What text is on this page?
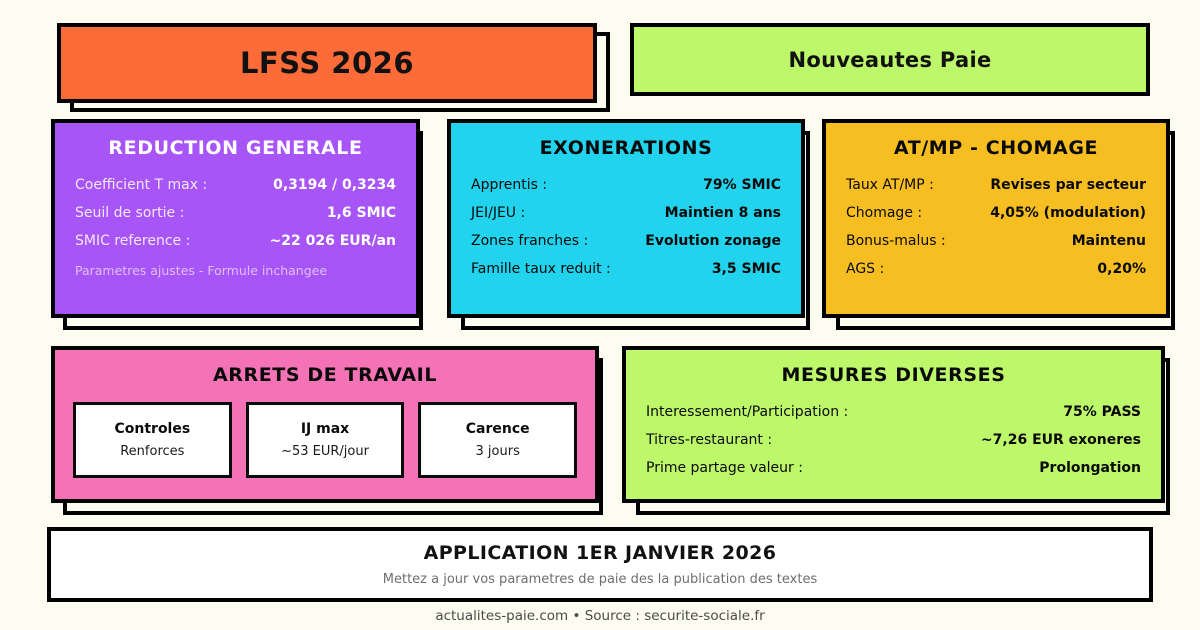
LFSS 2026	Nouveautes Paie
REDUCTION GENERALE
Coefficient T max :	0,3194 / 0,3234
Seuil de sortie :	1,6 SMIC
SMIC reference :	~22 026 EUR/an
Parametres ajustes - Formule inchangee
EXONERATIONS
Apprentis :	79% SMIC
JEI/JEU :	Maintien 8 ans
Zones franches :	Evolution zonage
Famille taux reduit :	3,5 SMIC
AT/MP - CHOMAGE
Taux AT/MP :	Revises par secteur
Chomage :	4,05% (modulation)
Bonus-malus :	Maintenu
AGS :	0,20%
ARRETS DE TRAVAIL
Controles
Renforces
IJ max
~53 EUR/jour
Carence
3 jours
MESURES DIVERSES
Interessement/Participation :	75% PASS
Titres-restaurant :	~7,26 EUR exoneres
Prime partage valeur :	Prolongation
APPLICATION 1ER JANVIER 2026
Mettez a jour vos parametres de paie des la publication des textes
actualites-paie.com • Source : securite-sociale.fr
